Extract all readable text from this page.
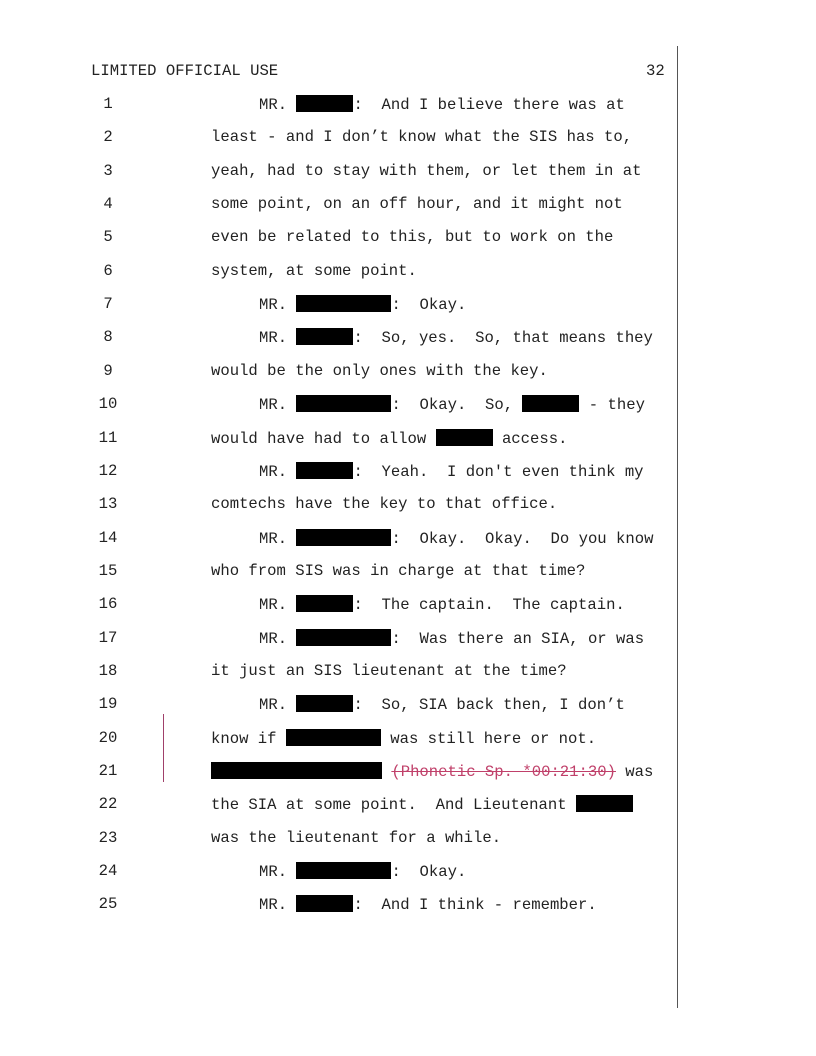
LIMITED OFFICIAL USE	32
1	MR.	:  And I believe there was at
2	least - and I don’t know what the SIS has to,
3	yeah, had to stay with them, or let them in at
4	some point, on an off hour, and it might not
5	even be related to this, but to work on the
6	system, at some point.
7	MR.	:  Okay.
8	MR.	:  So, yes.  So, that means they
9	would be the only ones with the key.
10	MR.	:  Okay.  So,	- they
11	would have had to allow	access.
12	MR.	:  Yeah.  I don't even think my
13	comtechs have the key to that office.
14	MR.	:  Okay.  Okay.  Do you know
15	who from SIS was in charge at that time?
16	MR.	:  The captain.  The captain.
17	MR.	:  Was there an SIA, or was
18	it just an SIS lieutenant at the time?
19	MR.	:  So, SIA back then, I don’t
20	know if	was still here or not.
21	(Phonetic Sp. *00:21:30) was
22	the SIA at some point.  And Lieutenant
23	was the lieutenant for a while.
24	MR.	:  Okay.
25	MR.	:  And I think - remember.
